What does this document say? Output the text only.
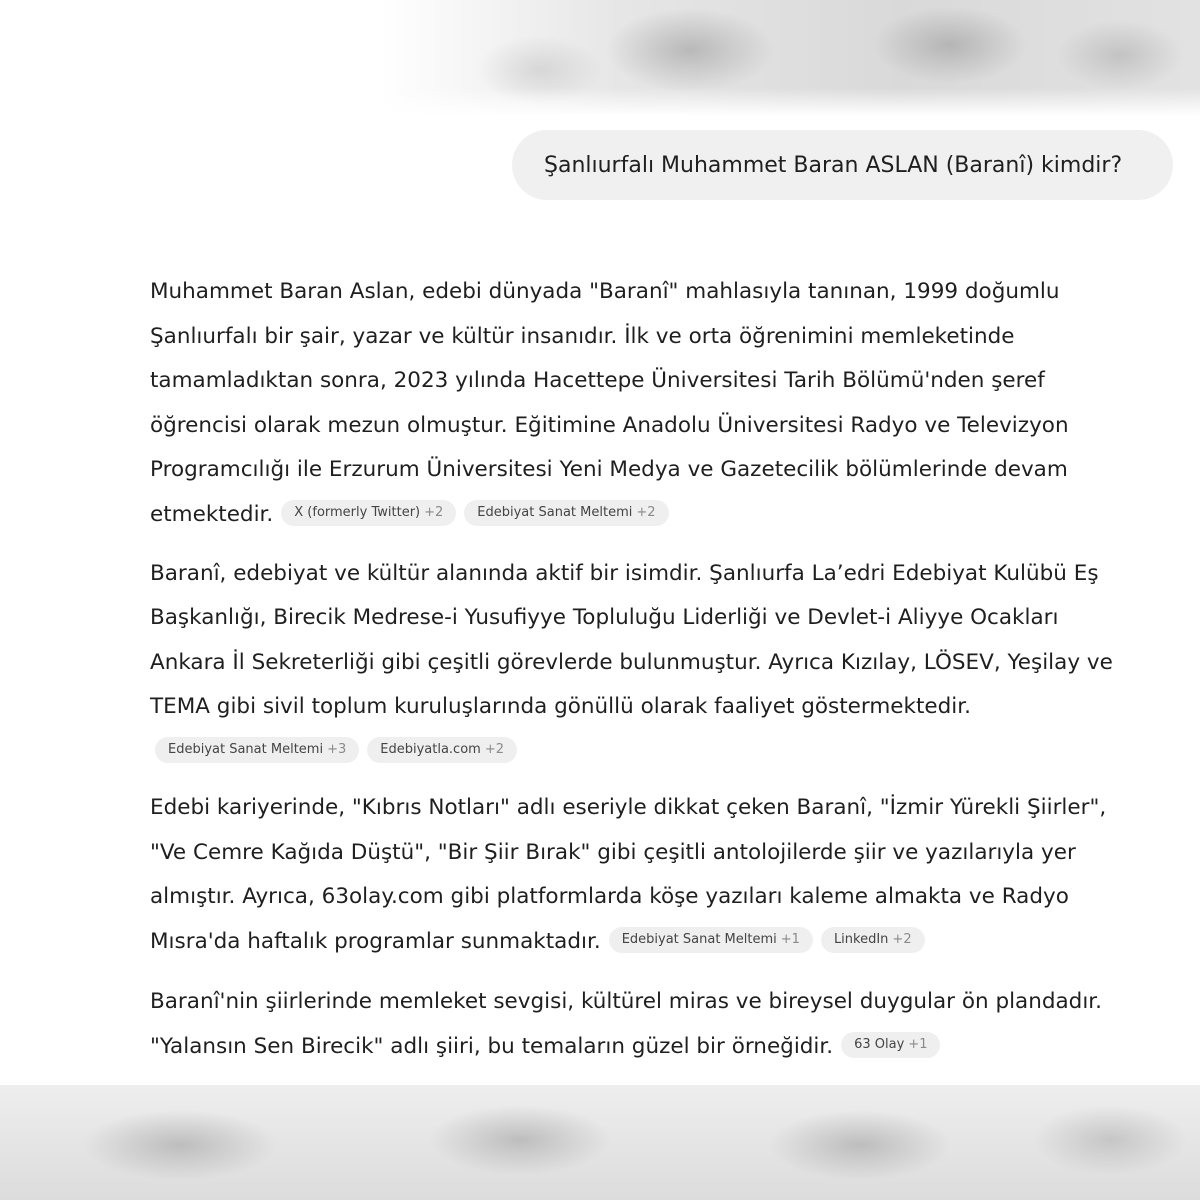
Şanlıurfalı Muhammet Baran ASLAN (Baranî) kimdir?

Muhammet Baran Aslan, edebi dünyada "Baranî" mahlasıyla tanınan, 1999 doğumlu
Şanlıurfalı bir şair, yazar ve kültür insanıdır. İlk ve orta öğrenimini memleketinde
tamamladıktan sonra, 2023 yılında Hacettepe Üniversitesi Tarih Bölümü'nden şeref
öğrencisi olarak mezun olmuştur. Eğitimine Anadolu Üniversitesi Radyo ve Televizyon
Programcılığı ile Erzurum Üniversitesi Yeni Medya ve Gazetecilik bölümlerinde devam
etmektedir. X (formerly Twitter) +2	Edebiyat Sanat Meltemi +2

Baranî, edebiyat ve kültür alanında aktif bir isimdir. Şanlıurfa La’edri Edebiyat Kulübü Eş
Başkanlığı, Birecik Medrese-i Yusufiyye Topluluğu Liderliği ve Devlet-i Aliyye Ocakları
Ankara İl Sekreterliği gibi çeşitli görevlerde bulunmuştur. Ayrıca Kızılay, LÖSEV, Yeşilay ve
TEMA gibi sivil toplum kuruluşlarında gönüllü olarak faaliyet göstermektedir.
Edebiyat Sanat Meltemi +3	Edebiyatla.com +2

Edebi kariyerinde, "Kıbrıs Notları" adlı eseriyle dikkat çeken Baranî, "İzmir Yürekli Şiirler",
"Ve Cemre Kağıda Düştü", "Bir Şiir Bırak" gibi çeşitli antolojilerde şiir ve yazılarıyla yer
almıştır. Ayrıca, 63olay.com gibi platformlarda köşe yazıları kaleme almakta ve Radyo
Mısra'da haftalık programlar sunmaktadır. Edebiyat Sanat Meltemi +1	LinkedIn +2

Baranî'nin şiirlerinde memleket sevgisi, kültürel miras ve bireysel duygular ön plandadır.
"Yalansın Sen Birecik" adlı şiiri, bu temaların güzel bir örneğidir. 63 Olay +1
